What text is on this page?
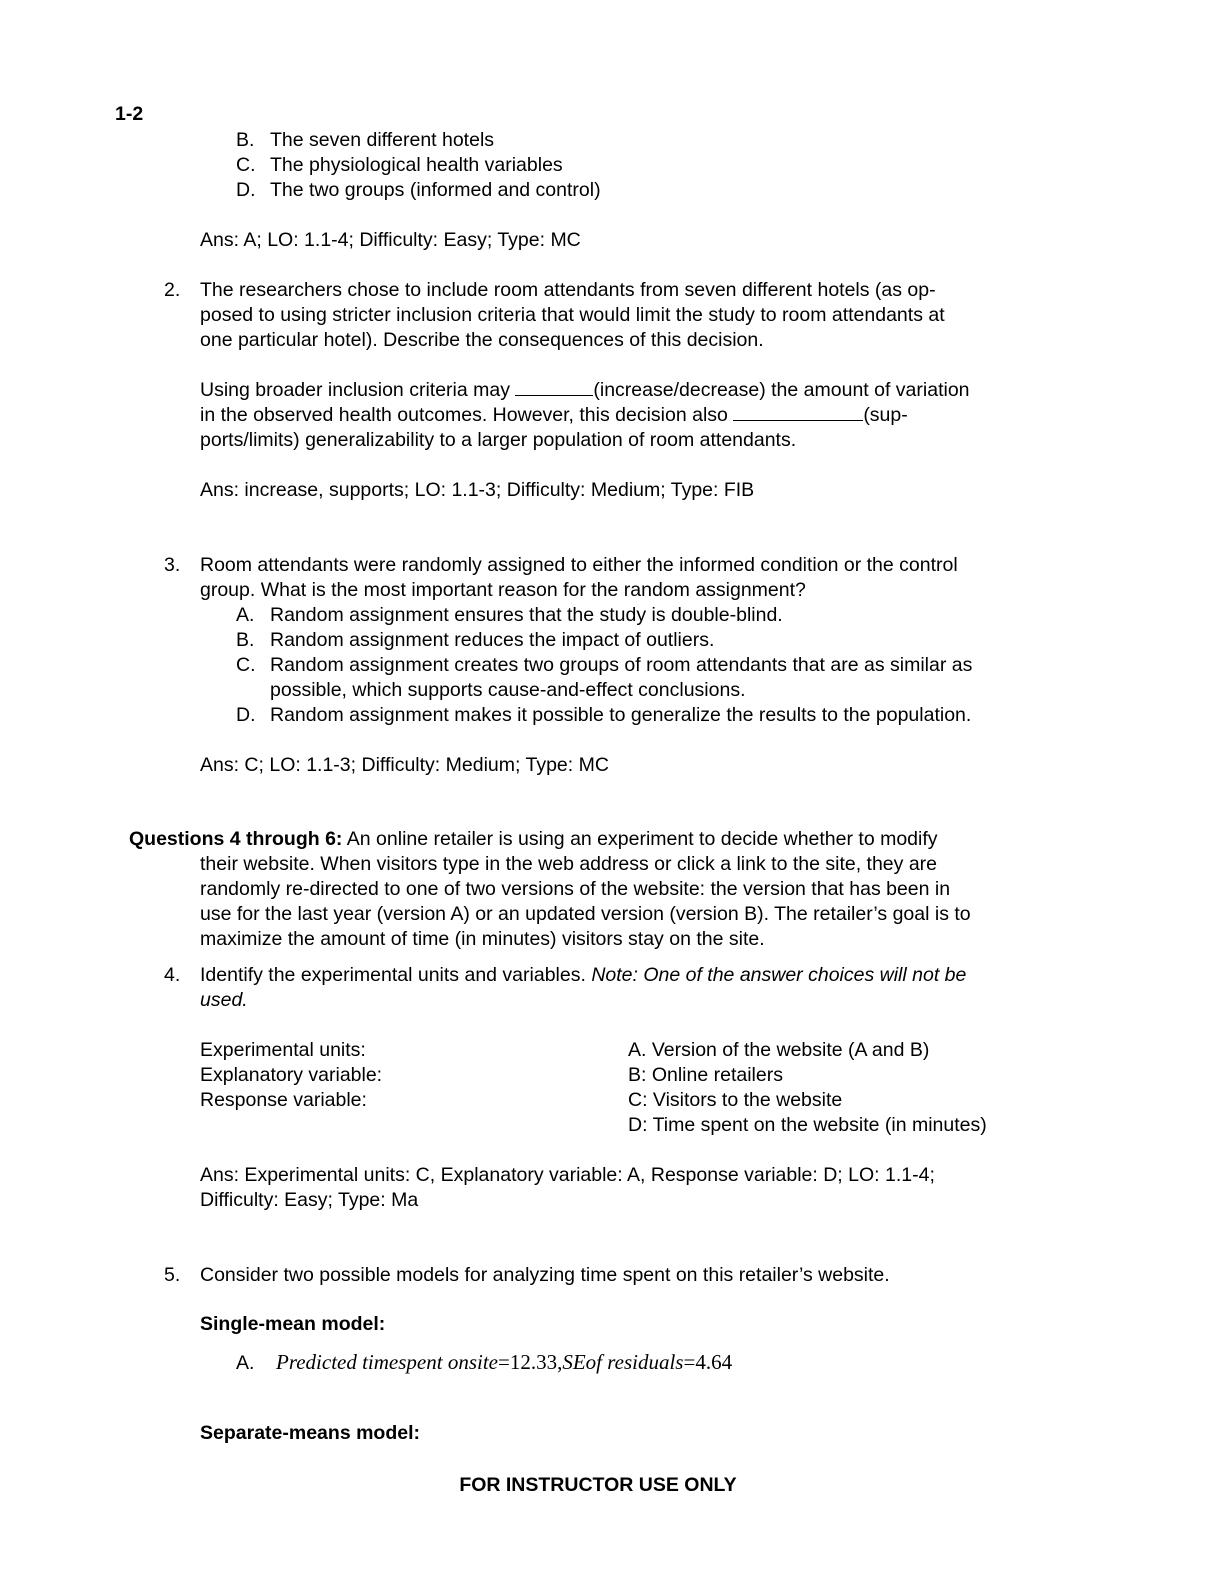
1-2
B. The seven different hotels
C. The physiological health variables
D. The two groups (informed and control)
Ans: A; LO: 1.1-4; Difficulty: Easy; Type: MC
2. The researchers chose to include room attendants from seven different hotels (as op-
posed to using stricter inclusion criteria that would limit the study to room attendants at
one particular hotel). Describe the consequences of this decision.
Using broader inclusion criteria may	(increase/decrease) the amount of variation
in the observed health outcomes. However, this decision also	(sup-
ports/limits) generalizability to a larger population of room attendants.
Ans: increase, supports; LO: 1.1-3; Difficulty: Medium; Type: FIB
3. Room attendants were randomly assigned to either the informed condition or the control
group. What is the most important reason for the random assignment?
A. Random assignment ensures that the study is double-blind.
B. Random assignment reduces the impact of outliers.
C. Random assignment creates two groups of room attendants that are as similar as
possible, which supports cause-and-effect conclusions.
D. Random assignment makes it possible to generalize the results to the population.
Ans: C; LO: 1.1-3; Difficulty: Medium; Type: MC
Questions 4 through 6: An online retailer is using an experiment to decide whether to modify
their website. When visitors type in the web address or click a link to the site, they are
randomly re-directed to one of two versions of the website: the version that has been in
use for the last year (version A) or an updated version (version B). The retailer’s goal is to
maximize the amount of time (in minutes) visitors stay on the site.
4. Identify the experimental units and variables. Note: One of the answer choices will not be
used.
Experimental units:
Explanatory variable:
Response variable:
A. Version of the website (A and B)
B: Online retailers
C: Visitors to the website
D: Time spent on the website (in minutes)
Ans: Experimental units: C, Explanatory variable: A, Response variable: D; LO: 1.1-4;
Difficulty: Easy; Type: Ma
5. Consider two possible models for analyzing time spent on this retailer’s website.
Single-mean model:
A. Predicted timespent onsite=12.33,SEof residuals=4.64
Separate-means model:
FOR INSTRUCTOR USE ONLY
